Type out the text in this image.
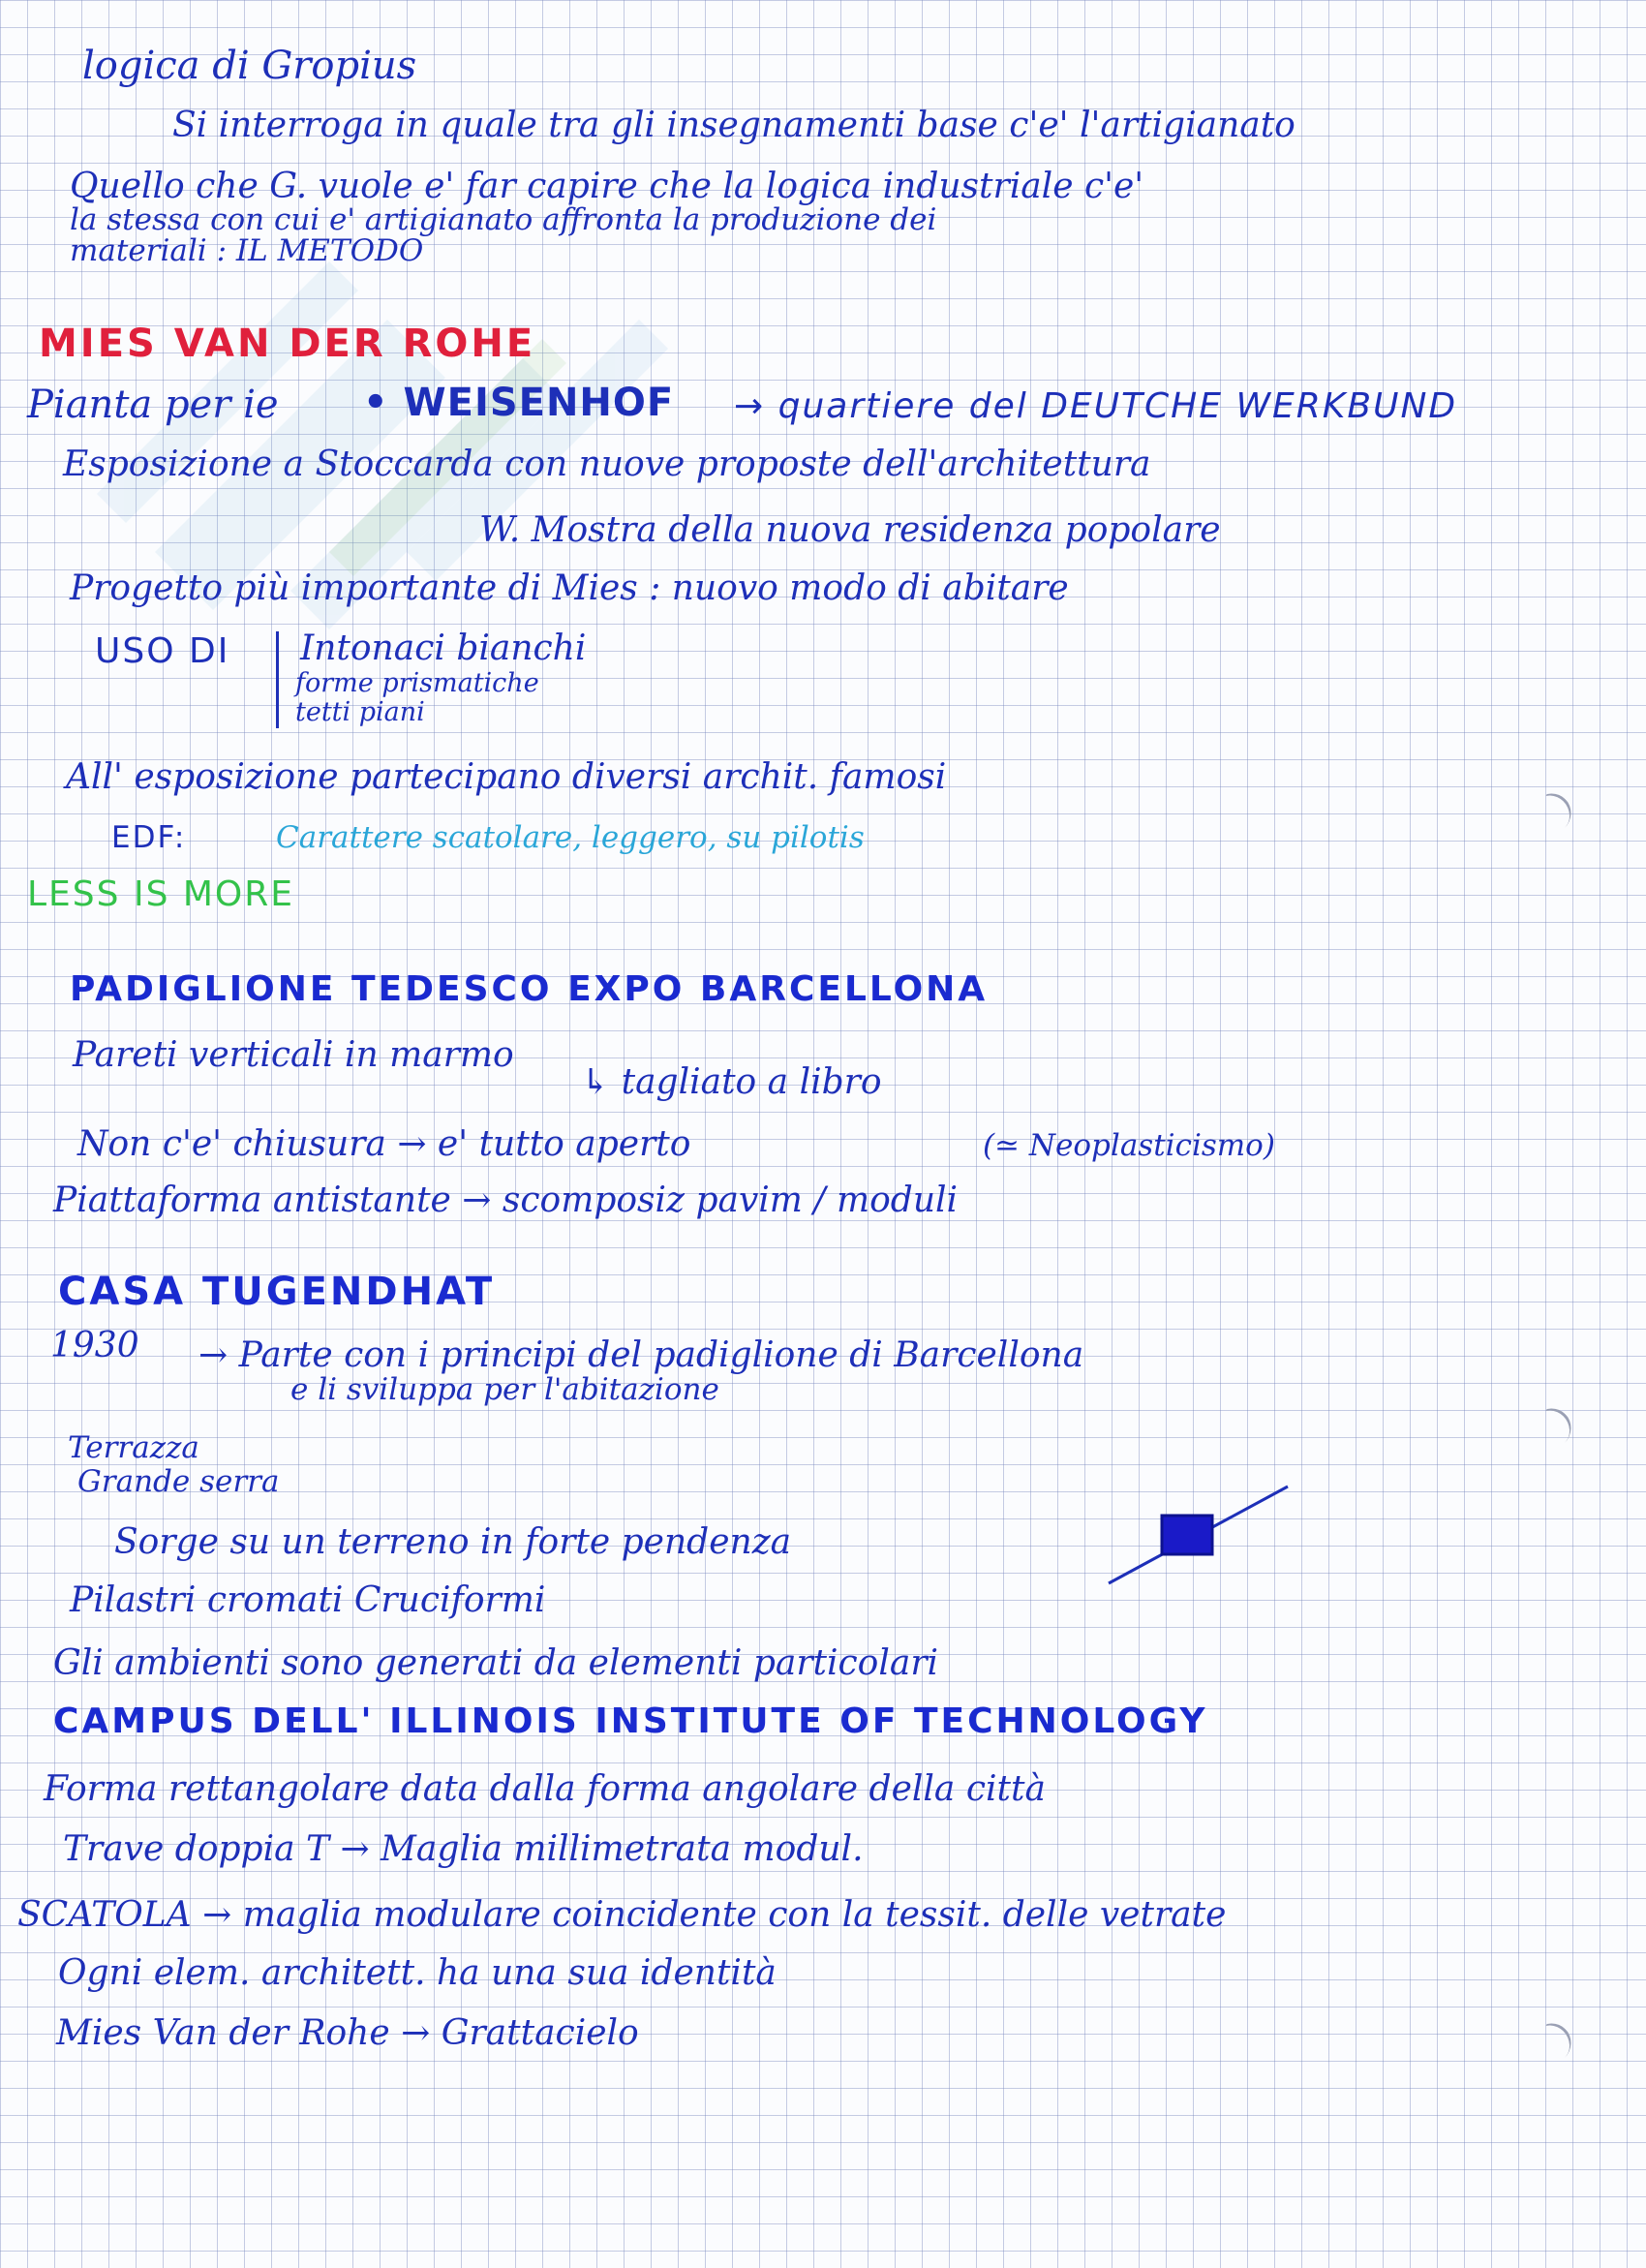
logica di Gropius
Si interroga in quale tra gli insegnamenti base c'e' l'artigianato
Quello che G. vuole e' far capire che la logica industriale c'e'
la stessa con cui e' artigianato affronta la produzione dei
materiali : IL METODO
MIES VAN DER ROHE
Pianta per ie • WEISENHOF → quartiere del DEUTCHE WERKBUND
Esposizione a Stoccarda con nuove proposte dell'architettura
W. Mostra della nuova residenza popolare
Progetto più importante di Mies : nuovo modo di abitare
USO DI Intonaci bianchi
forme prismatiche
tetti piani
All' esposizione partecipano diversi archit. famosi
EDF:	Carattere scatolare, leggero, su pilotis
LESS IS MORE
PADIGLIONE TEDESCO EXPO BARCELLONA
Pareti verticali in marmo
↳ tagliato a libro
Non c'e' chiusura → e' tutto aperto	(≃ Neoplasticismo)
Piattaforma antistante → scomposiz pavim / moduli
CASA TUGENDHAT
1930 → Parte con i principi del padiglione di Barcellona
e li sviluppa per l'abitazione
Terrazza
Grande serra
Sorge su un terreno in forte pendenza
Pilastri cromati Cruciformi
Gli ambienti sono generati da elementi particolari
CAMPUS DELL' ILLINOIS INSTITUTE OF TECHNOLOGY
Forma rettangolare data dalla forma angolare della città
Trave doppia T → Maglia millimetrata modul.
SCATOLA → maglia modulare coincidente con la tessit. delle vetrate
Ogni elem. architett. ha una sua identità
Mies Van der Rohe → Grattacielo
